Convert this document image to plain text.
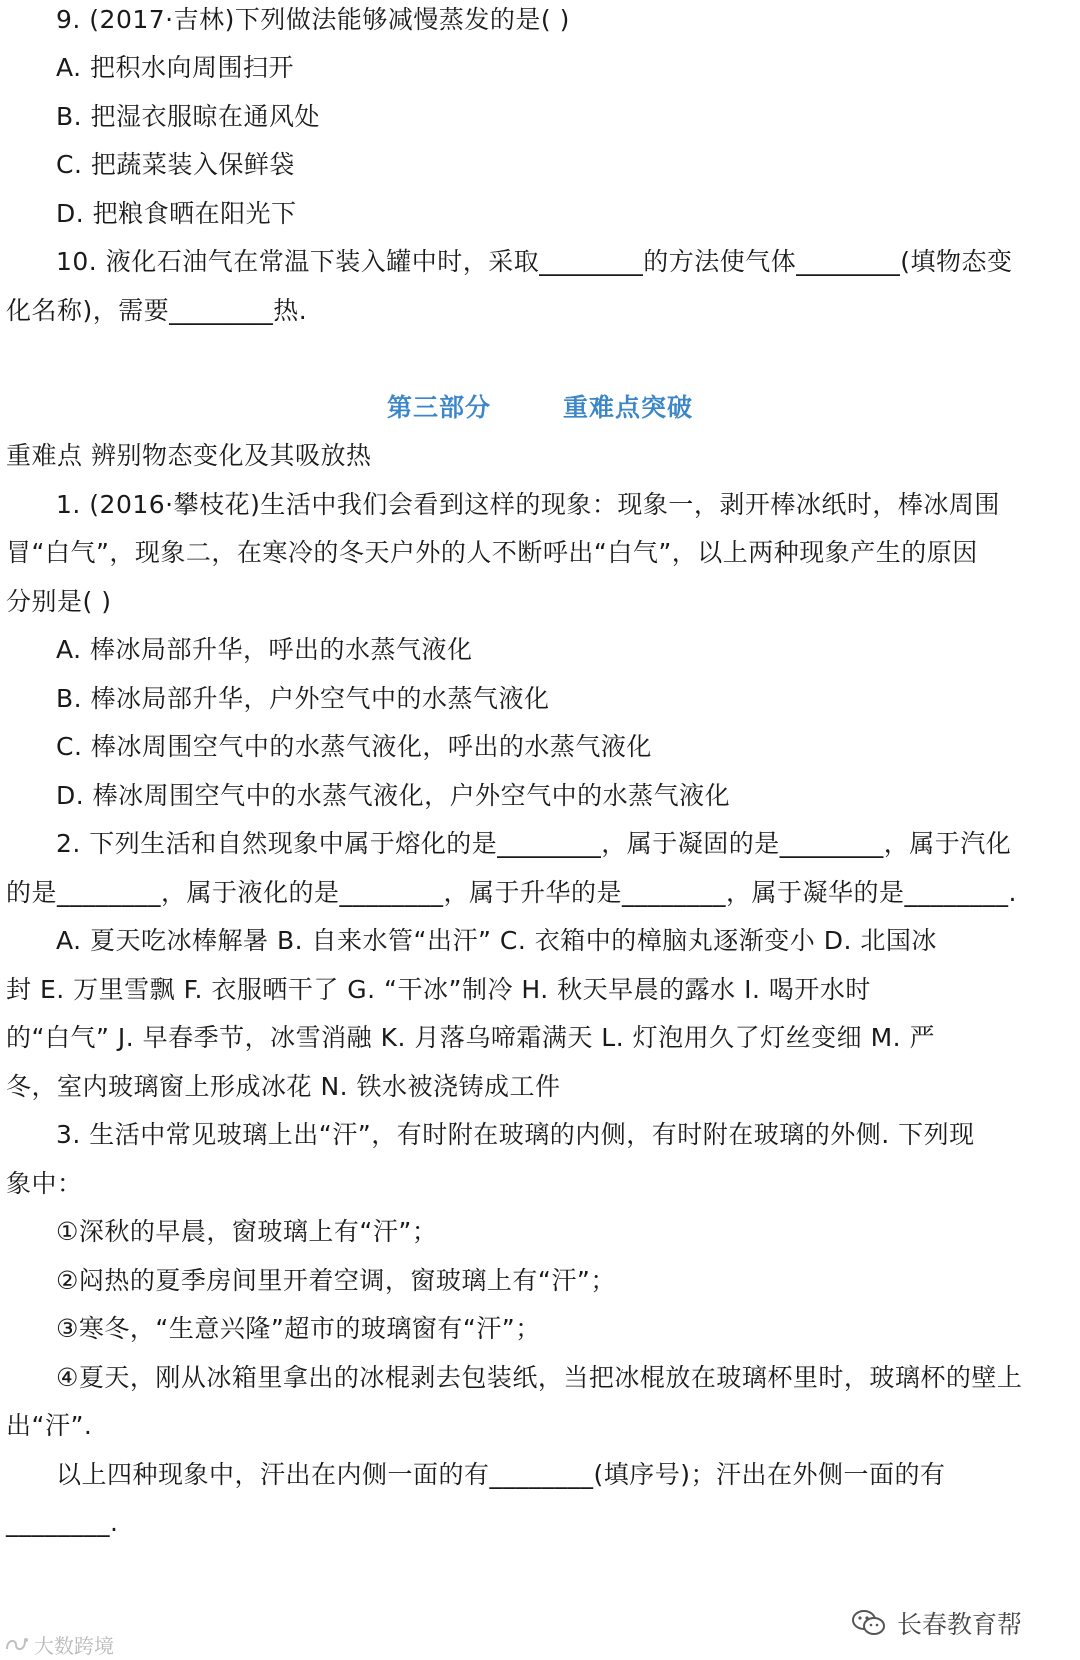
9. (2017·吉林)下列做法能够减慢蒸发的是( )
A. 把积水向周围扫开
B. 把湿衣服晾在通风处
C. 把蔬菜装入保鲜袋
D. 把粮食晒在阳光下
10. 液化石油气在常温下装入罐中时，采取________的方法使气体________(填物态变
化名称)，需要________热.
第三部分	重难点突破
重难点 辨别物态变化及其吸放热
1. (2016·攀枝花)生活中我们会看到这样的现象：现象一，剥开棒冰纸时，棒冰周围
冒“白气”，现象二，在寒冷的冬天户外的人不断呼出“白气”，以上两种现象产生的原因
分别是( )
A. 棒冰局部升华，呼出的水蒸气液化
B. 棒冰局部升华，户外空气中的水蒸气液化
C. 棒冰周围空气中的水蒸气液化，呼出的水蒸气液化
D. 棒冰周围空气中的水蒸气液化，户外空气中的水蒸气液化
2. 下列生活和自然现象中属于熔化的是________，属于凝固的是________，属于汽化
的是________，属于液化的是________，属于升华的是________，属于凝华的是________.
A. 夏天吃冰棒解暑 B. 自来水管“出汗” C. 衣箱中的樟脑丸逐渐变小 D. 北国冰
封 E. 万里雪飘 F. 衣服晒干了 G. “干冰”制冷 H. 秋天早晨的露水 I. 喝开水时
的“白气” J. 早春季节，冰雪消融 K. 月落乌啼霜满天 L. 灯泡用久了灯丝变细 M. 严
冬，室内玻璃窗上形成冰花 N. 铁水被浇铸成工件
3. 生活中常见玻璃上出“汗”，有时附在玻璃的内侧，有时附在玻璃的外侧. 下列现
象中：
①深秋的早晨，窗玻璃上有“汗”；
②闷热的夏季房间里开着空调，窗玻璃上有“汗”；
③寒冬，“生意兴隆”超市的玻璃窗有“汗”；
④夏天，刚从冰箱里拿出的冰棍剥去包装纸，当把冰棍放在玻璃杯里时，玻璃杯的壁上
出“汗”.
以上四种现象中，汗出在内侧一面的有________(填序号)；汗出在外侧一面的有
________.
长春教育帮
大数跨境
